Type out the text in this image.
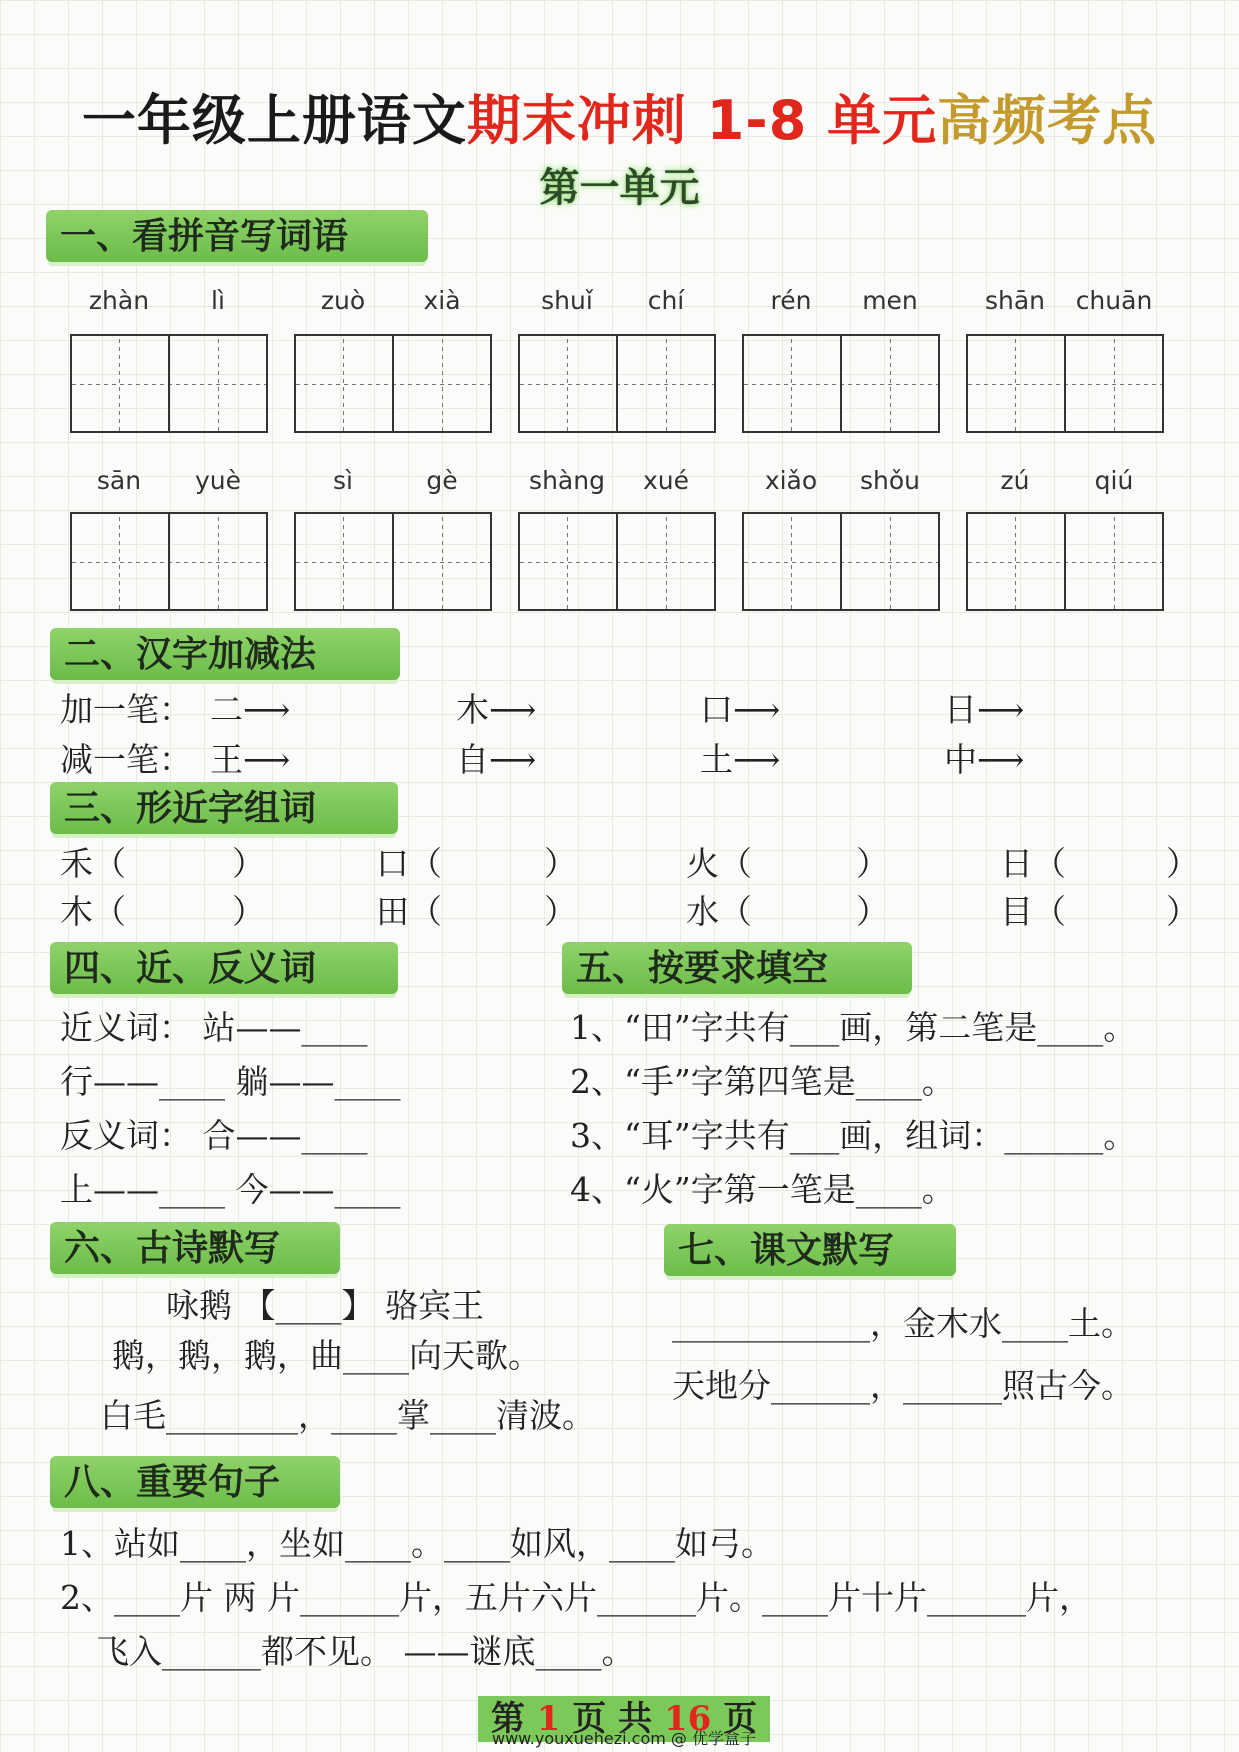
一年级上册语文期末冲刺 1-8 单元高频考点
第一单元
一、看拼音写词语
zhàn	lì	zuò	xià	shuǐ	chí	rén	men	shān	chuān
sān	yuè	sì	gè	shàng	xué	xiǎo	shǒu	zú	qiú
二、汉字加减法
加一笔： 二⟶	木⟶	口⟶	日⟶
减一笔： 王⟶	自⟶	土⟶	中⟶
三、形近字组词
禾（	）	口（	）	火（	）	日（	）
木（	）	田（	）	水（	）	目（	）
四、近、反义词
近义词： 站——____
行——____ 躺——____
反义词： 合——____
上——____ 今——____
五、按要求填空
1、“田”字共有___画，第二笔是____。
2、“手”字第四笔是____。
3、“耳”字共有___画，组词：______。
4、“火”字第一笔是____。
六、古诗默写
咏鹅 【____】 骆宾王
鹅，鹅，鹅，曲____向天歌。
白毛________，____掌____清波。
七、课文默写
____________，金木水____土。
天地分______，______照古今。
八、重要句子
1、站如____，坐如____。____如风，____如弓。
2、____片 两 片______片，五片六片______片。____片十片______片，
飞入______都不见。 ——谜底____。
第 1 页 共 16 页
www.youxuehezi.com @ 优学盒子
